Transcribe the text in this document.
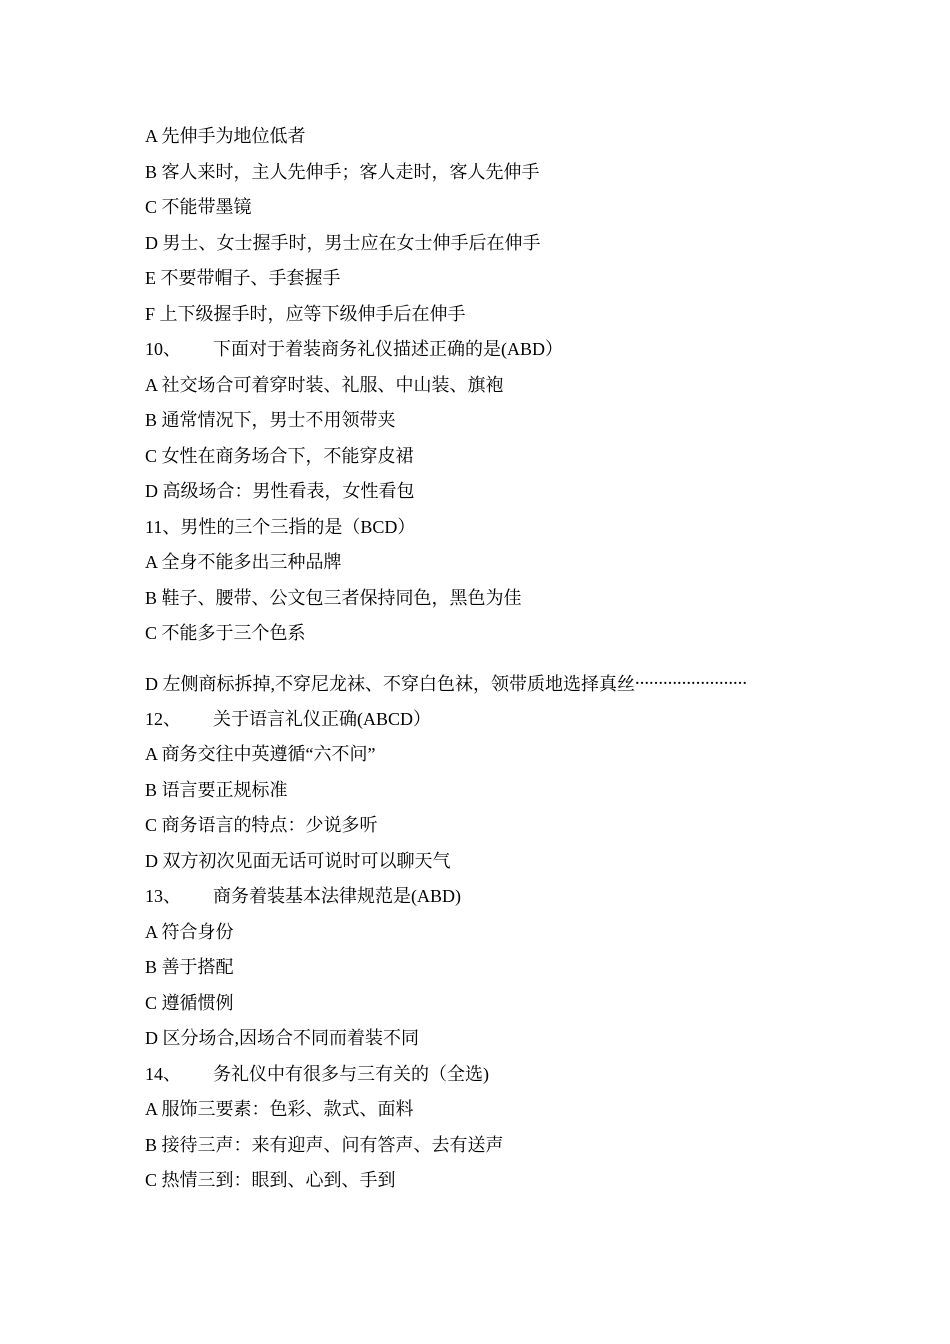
A 先伸手为地位低者
B 客人来时，主人先伸手；客人走时，客人先伸手
C 不能带墨镜
D 男士、女士握手时，男士应在女士伸手后在伸手
E 不要带帽子、手套握手
F 上下级握手时，应等下级伸手后在伸手
10、 下面对于着装商务礼仪描述正确的是(ABD）
A 社交场合可着穿时装、礼服、中山装、旗袍
B 通常情况下，男士不用领带夹
C 女性在商务场合下，不能穿皮裙
D 高级场合：男性看表，女性看包
11、男性的三个三指的是（BCD）
A 全身不能多出三种品牌
B 鞋子、腰带、公文包三者保持同色，黑色为佳
C 不能多于三个色系
D 左侧商标拆掉,不穿尼龙袜、不穿白色袜，领带质地选择真丝……………………
12、 关于语言礼仪正确(ABCD）
A 商务交往中英遵循“六不问”
B 语言要正规标准
C 商务语言的特点：少说多听
D 双方初次见面无话可说时可以聊天气
13、 商务着装基本法律规范是(ABD)
A 符合身份
B 善于搭配
C 遵循惯例
D 区分场合,因场合不同而着装不同
14、 务礼仪中有很多与三有关的（全选)
A 服饰三要素：色彩、款式、面料
B 接待三声：来有迎声、问有答声、去有送声
C 热情三到：眼到、心到、手到
